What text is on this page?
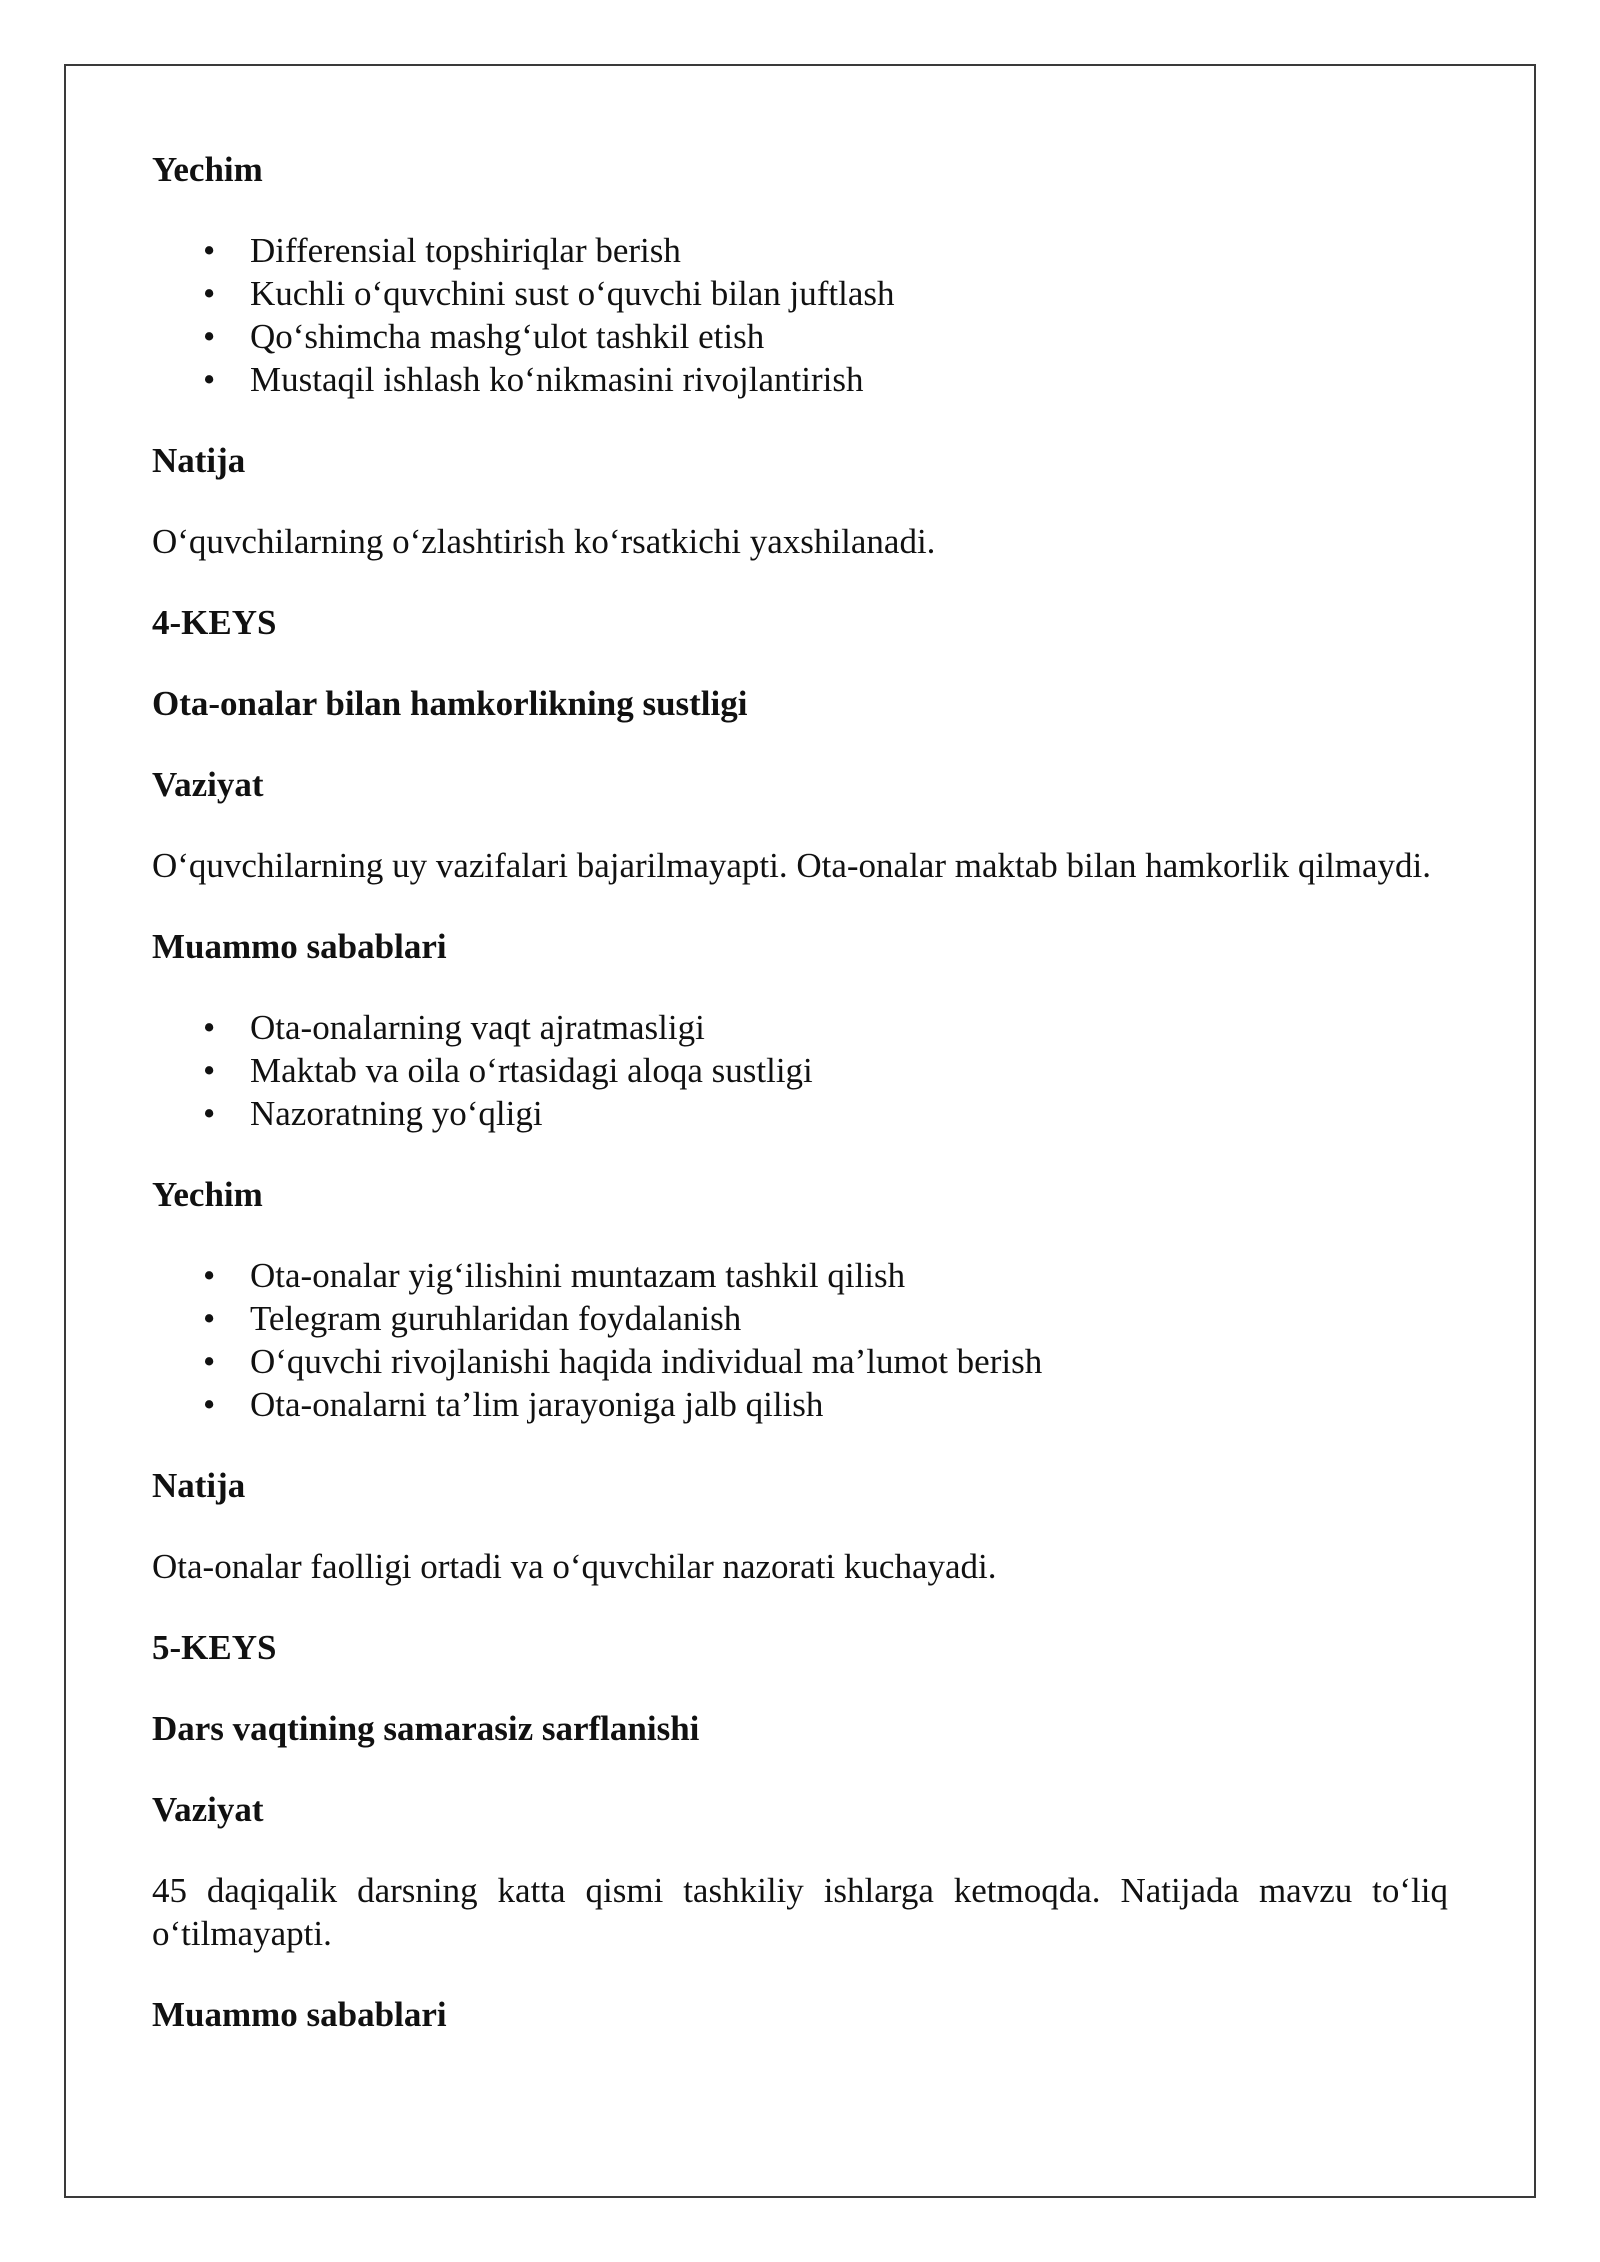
Yechim

• Differensial topshiriqlar berish
• Kuchli o‘quvchini sust o‘quvchi bilan juftlash
• Qo‘shimcha mashg‘ulot tashkil etish
• Mustaqil ishlash ko‘nikmasini rivojlantirish

Natija

O‘quvchilarning o‘zlashtirish ko‘rsatkichi yaxshilanadi.

4-KEYS

Ota-onalar bilan hamkorlikning sustligi

Vaziyat

O‘quvchilarning uy vazifalari bajarilmayapti. Ota-onalar maktab bilan hamkorlik qilmaydi.

Muammo sabablari

• Ota-onalarning vaqt ajratmasligi
• Maktab va oila o‘rtasidagi aloqa sustligi
• Nazoratning yo‘qligi

Yechim

• Ota-onalar yig‘ilishini muntazam tashkil qilish
• Telegram guruhlaridan foydalanish
• O‘quvchi rivojlanishi haqida individual ma’lumot berish
• Ota-onalarni ta’lim jarayoniga jalb qilish

Natija

Ota-onalar faolligi ortadi va o‘quvchilar nazorati kuchayadi.

5-KEYS

Dars vaqtining samarasiz sarflanishi

Vaziyat

45 daqiqalik darsning katta qismi tashkiliy ishlarga ketmoqda. Natijada mavzu to‘liq o‘tilmayapti.

Muammo sabablari
